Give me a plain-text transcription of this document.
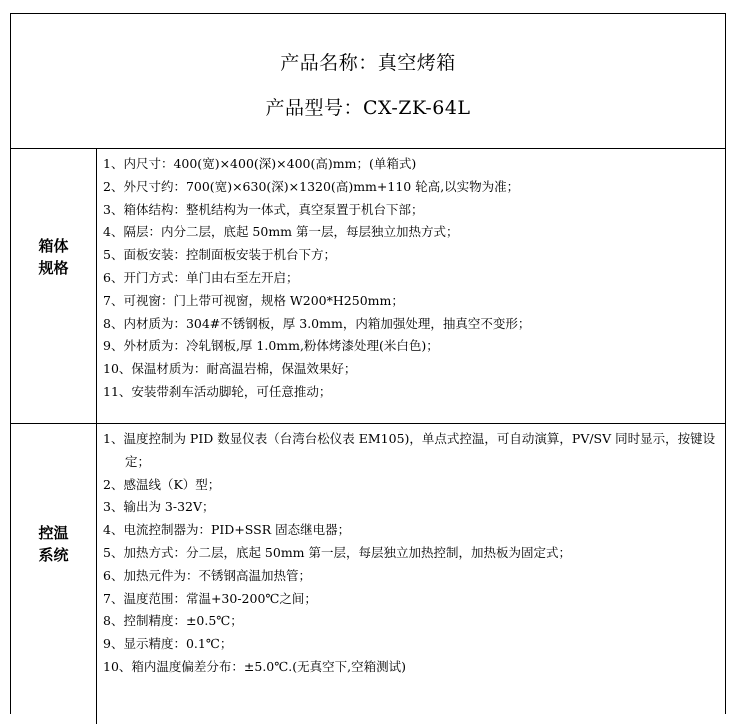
产品名称：真空烤箱
产品型号：CX-ZK-64L
箱体
规格
1、内尺寸：400(宽)×400(深)×400(高)mm；(单箱式)
2、外尺寸约：700(宽)×630(深)×1320(高)mm+110 轮高,以实物为准；
3、箱体结构：整机结构为一体式，真空泵置于机台下部；
4、隔层：内分二层，底起 50mm 第一层，每层独立加热方式；
5、面板安装：控制面板安装于机台下方；
6、开门方式：单门由右至左开启；
7、可视窗：门上带可视窗，规格 W200*H250mm；
8、内材质为：304#不锈钢板，厚 3.0mm，内箱加强处理，抽真空不变形；
9、外材质为：冷轧钢板,厚 1.0mm,粉体烤漆处理(米白色)；
10、保温材质为：耐高温岩棉，保温效果好；
11、安装带刹车活动脚轮，可任意推动；
控温
系统
1、温度控制为 PID 数显仪表（台湾台松仪表 EM105)，单点式控温，可自动演算，PV/SV 同时显示，按键设定；
2、感温线（K）型；
3、输出为 3-32V；
4、电流控制器为：PID+SSR 固态继电器；
5、加热方式：分二层，底起 50mm 第一层，每层独立加热控制，加热板为固定式；
6、加热元件为：不锈钢高温加热管；
7、温度范围：常温+30-200℃之间；
8、控制精度：±0.5℃；
9、显示精度：0.1℃；
10、箱内温度偏差分布：±5.0℃.(无真空下,空箱测试)
